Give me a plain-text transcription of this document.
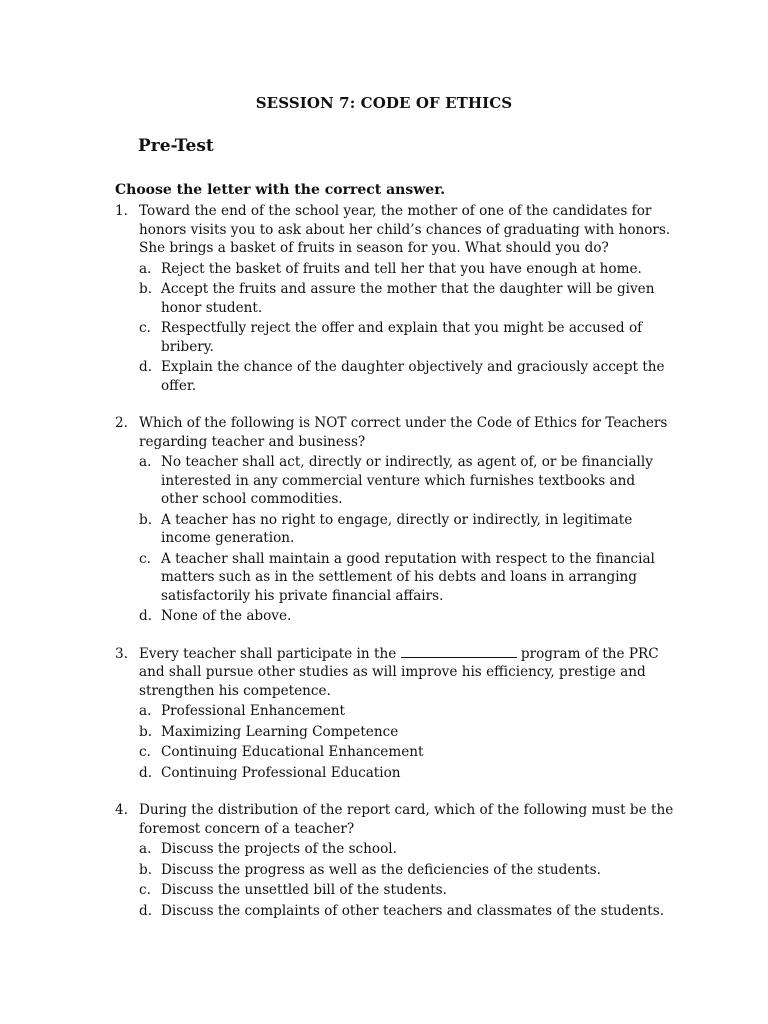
SESSION 7: CODE OF ETHICS
Pre-Test
Choose the letter with the correct answer.
1. Toward the end of the school year, the mother of one of the candidates for honors visits you to ask about her child’s chances of graduating with honors. She brings a basket of fruits in season for you. What should you do?
a. Reject the basket of fruits and tell her that you have enough at home.
b. Accept the fruits and assure the mother that the daughter will be given honor student.
c. Respectfully reject the offer and explain that you might be accused of bribery.
d. Explain the chance of the daughter objectively and graciously accept the offer.
2. Which of the following is NOT correct under the Code of Ethics for Teachers regarding teacher and business?
a. No teacher shall act, directly or indirectly, as agent of, or be financially interested in any commercial venture which furnishes textbooks and other school commodities.
b. A teacher has no right to engage, directly or indirectly, in legitimate income generation.
c. A teacher shall maintain a good reputation with respect to the financial matters such as in the settlement of his debts and loans in arranging satisfactorily his private financial affairs.
d. None of the above.
3. Every teacher shall participate in the	program of the PRC and shall pursue other studies as will improve his efficiency, prestige and strengthen his competence.
a. Professional Enhancement
b. Maximizing Learning Competence
c. Continuing Educational Enhancement
d. Continuing Professional Education
4. During the distribution of the report card, which of the following must be the foremost concern of a teacher?
a. Discuss the projects of the school.
b. Discuss the progress as well as the deficiencies of the students.
c. Discuss the unsettled bill of the students.
d. Discuss the complaints of other teachers and classmates of the students.
